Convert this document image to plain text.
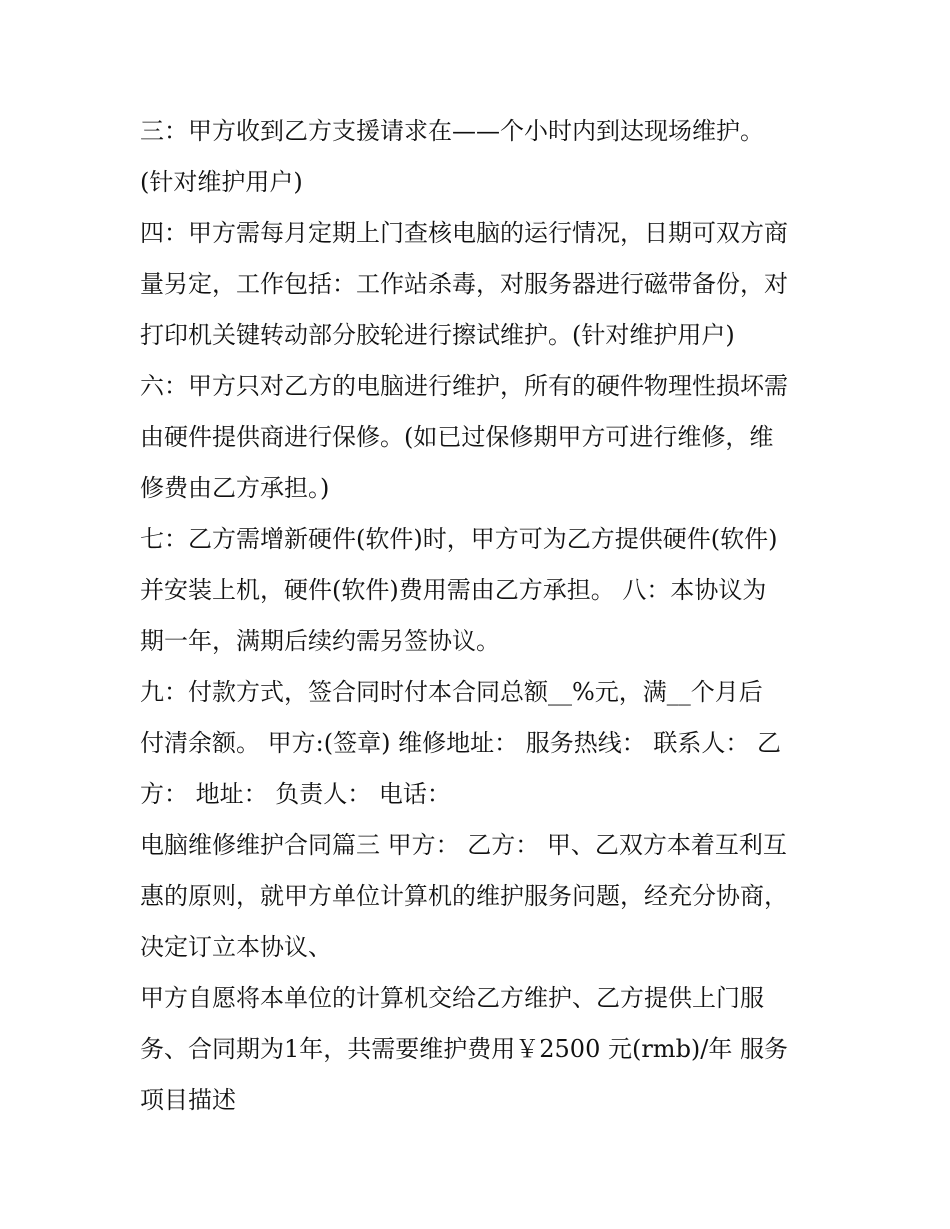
三：甲方收到乙方支援请求在——个小时内到达现场维护。
(针对维护用户)
四：甲方需每月定期上门查核电脑的运行情况，日期可双方商
量另定，工作包括：工作站杀毒，对服务器进行磁带备份，对
打印机关键转动部分胶轮进行擦试维护。(针对维护用户)
六：甲方只对乙方的电脑进行维护，所有的硬件物理性损坏需
由硬件提供商进行保修。(如已过保修期甲方可进行维修，维
修费由乙方承担。)
七：乙方需增新硬件(软件)时，甲方可为乙方提供硬件(软件)
并安装上机，硬件(软件)费用需由乙方承担。 八：本协议为
期一年，满期后续约需另签协议。
九：付款方式，签合同时付本合同总额__%元，满__个月后
付清余额。 甲方:(签章) 维修地址： 服务热线： 联系人： 乙
方： 地址： 负责人： 电话：
电脑维修维护合同篇三 甲方： 乙方： 甲、乙双方本着互利互
惠的原则，就甲方单位计算机的维护服务问题，经充分协商，
决定订立本协议、
甲方自愿将本单位的计算机交给乙方维护、乙方提供上门服
务、合同期为1年，共需要维护费用￥2500 元(rmb)/年 服务
项目描述
